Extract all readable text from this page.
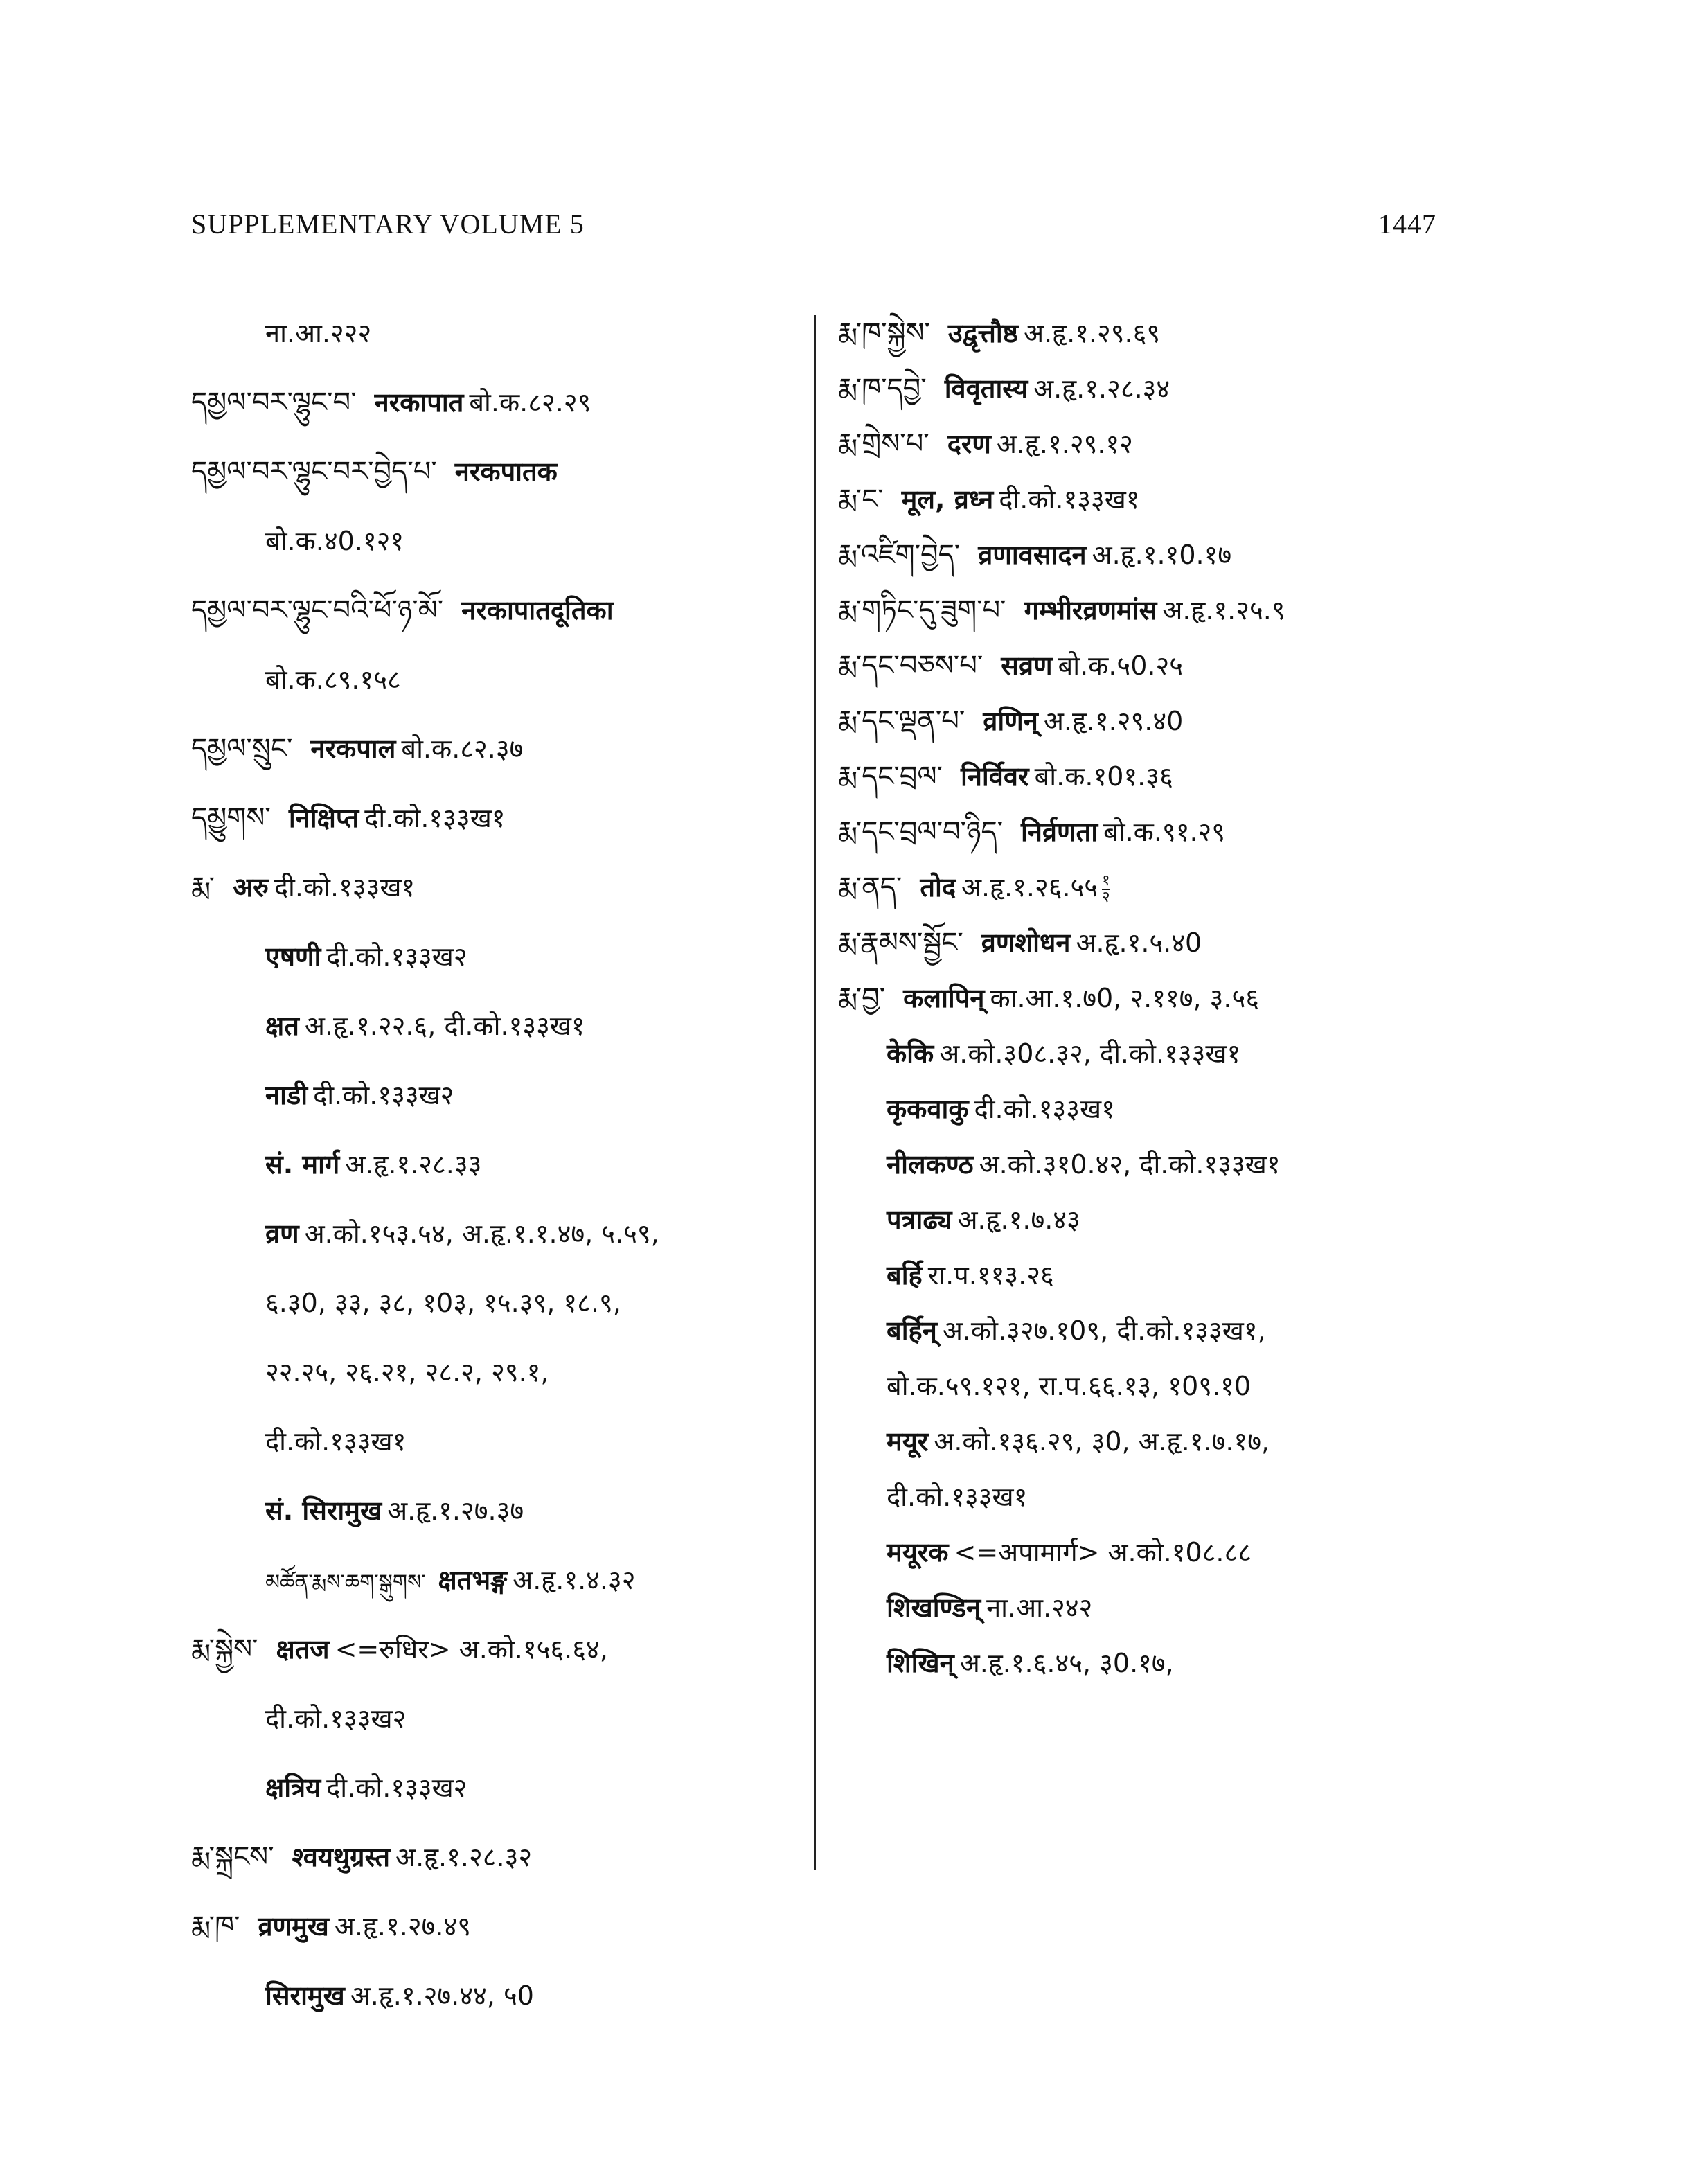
SUPPLEMENTARY VOLUME 5	1447
ना.आ.२२२
དམྱལ་བར་ལྷུང་བ་ नरकापात बो.क.८२.२९
དམྱལ་བར་ལྷུང་བར་བྱེད་པ་ नरकपातक
बो.क.४0.१२१
དམྱལ་བར་ལྷུང་བའི་ཕོ་ཉ་མོ་ नरकापातदूतिका
बो.क.८९.१५८
དམྱལ་སྲུང་ नरकपाल बो.क.८२.३७
དམྱུགས་ निक्षिप्त दी.को.१३३ख१
རྨ་ अरु दी.को.१३३ख१
एषणी दी.को.१३३ख२
क्षत अ.हृ.१.२२.६, दी.को.१३३ख१
नाडी दी.को.१३३ख२
सं. मार्ग अ.हृ.१.२८.३३
व्रण अ.को.१५३.५४, अ.हृ.१.१.४७, ५.५९,
६.३0, ३३, ३८, १0३, १५.३९, १८.९,
२२.२५, २६.२१, २८.२, २९.१,
दी.को.१३३ख१
सं. सिरामुख अ.हृ.१.२७.३७
མཚོན་རྨས་ཆག་སྒུགས་ क्षतभङ्ग अ.हृ.१.४.३२
རྨ་སྐྱེས་ क्षतज <=रुधिर> अ.को.१५६.६४,
दी.को.१३३ख२
क्षत्रिय दी.को.१३३ख२
རྨ་སྐྲངས་ श्वयथुग्रस्त अ.हृ.१.२८.३२
རྨ་ཁ་ व्रणमुख अ.हृ.१.२७.४९
सिरामुख अ.हृ.१.२७.४४, ५0
རྨ་ཁ་སྐྱེས་ उद्वृत्तौष्ठ अ.हृ.१.२९.६९
རྨ་ཁ་དབྱེ་ विवृतास्य अ.हृ.१.२८.३४
རྨ་གྲེས་པ་ दरण अ.हृ.१.२९.१२
རྨ་ང་ मूल, व्रध्न दी.को.१३३ख१
རྨ་འཛིག་བྱེད་ व्रणावसादन अ.हृ.१.१0.१७
རྨ་གཏིང་དུ་ཟུག་པ་ गम्भीरव्रणमांस अ.हृ.१.२५.९
རྨ་དང་བཅས་པ་ सव्रण बो.क.५0.२५
རྨ་དང་ལྡན་པ་ व्रणिन् अ.हृ.१.२९.४0
རྨ་དང་བྲལ་ निर्विवर बो.क.१0१.३६
རྨ་དང་བྲལ་བ་ཉིད་ निर्व्रणता बो.क.९१.२९
རྨ་ནད་ तोद अ.हृ.१.२६.५५ $\frac{१}{२}$
རྨ་རྣམས་སྦྱོང་ व्रणशोधन अ.हृ.१.५.४0
རྨ་བྱ་ कलापिन् का.आ.१.७0, २.११७, ३.५६
केकि अ.को.३0८.३२, दी.को.१३३ख१
कृकवाकु दी.को.१३३ख१
नीलकण्ठ अ.को.३१0.४२, दी.को.१३३ख१
पत्राढ्य अ.हृ.१.७.४३
बर्हि रा.प.११३.२६
बर्हिन् अ.को.३२७.१0९, दी.को.१३३ख१,
बो.क.५९.१२१, रा.प.६६.१३, १0९.१0
मयूर अ.को.१३६.२९, ३0, अ.हृ.१.७.१७,
दी.को.१३३ख१
मयूरक <=अपामार्ग> अ.को.१0८.८८
शिखण्डिन् ना.आ.२४२
शिखिन् अ.हृ.१.६.४५, ३0.१७,
